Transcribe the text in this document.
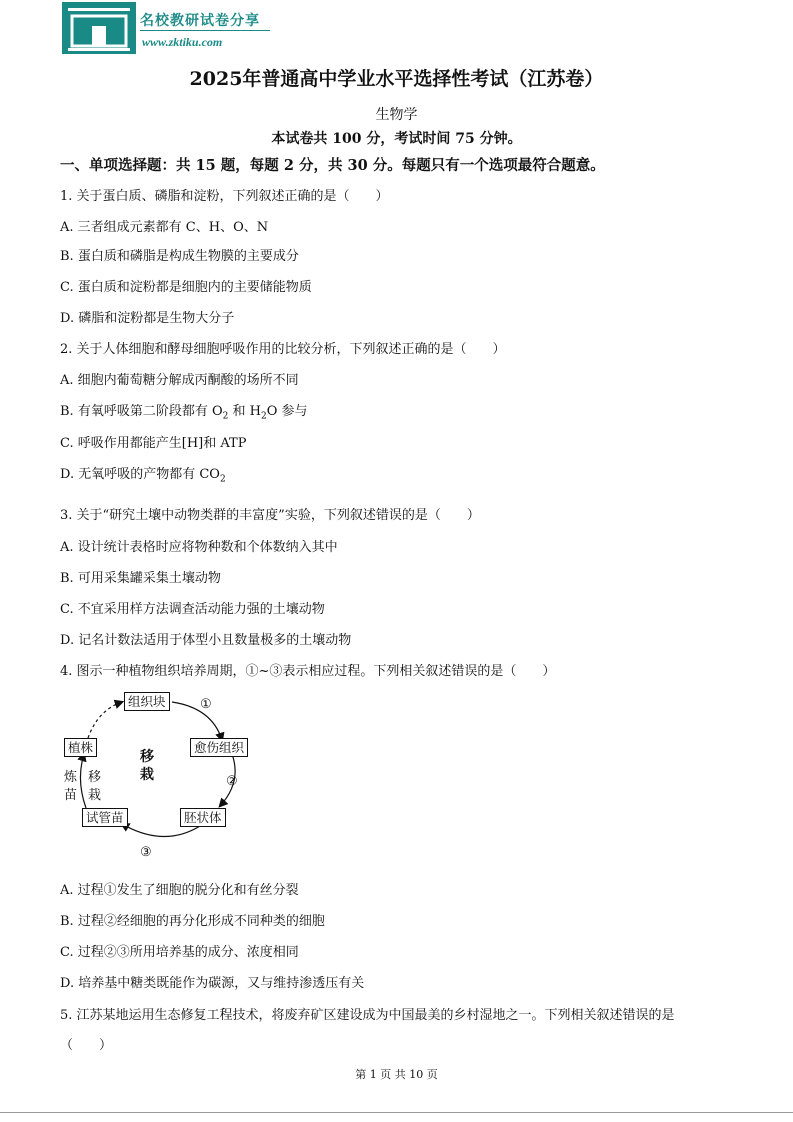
名校教研试卷分享
www.zktiku.com
2025年普通高中学业水平选择性考试（江苏卷）
生物学
本试卷共 100 分，考试时间 75 分钟。
一、单项选择题：共 15 题，每题 2 分，共 30 分。每题只有一个选项最符合题意。
1. 关于蛋白质、磷脂和淀粉，下列叙述正确的是（　　）
A. 三者组成元素都有 C、H、O、N
B. 蛋白质和磷脂是构成生物膜的主要成分
C. 蛋白质和淀粉都是细胞内的主要储能物质
D. 磷脂和淀粉都是生物大分子
2. 关于人体细胞和酵母细胞呼吸作用的比较分析，下列叙述正确的是（　　）
A. 细胞内葡萄糖分解成丙酮酸的场所不同
B. 有氧呼吸第二阶段都有 $O_2$ 和 $H_2O$ 参与
C. 呼吸作用都能产生[H]和 ATP
D. 无氧呼吸的产物都有 $CO_2$
3. 关于“研究土壤中动物类群的丰富度”实验，下列叙述错误的是（　　）
A. 设计统计表格时应将物种数和个体数纳入其中
B. 可用采集罐采集土壤动物
C. 不宜采用样方法调查活动能力强的土壤动物
D. 记名计数法适用于体型小且数量极多的土壤动物
4. 图示一种植物组织培养周期，①~③表示相应过程。下列相关叙述错误的是（　　）
组织块
愈伤组织
胚状体
试管苗
植株
①
②
③
移
栽
炼
苗
移
栽
A. 过程①发生了细胞的脱分化和有丝分裂
B. 过程②经细胞的再分化形成不同种类的细胞
C. 过程②③所用培养基的成分、浓度相同
D. 培养基中糖类既能作为碳源，又与维持渗透压有关
5. 江苏某地运用生态修复工程技术，将废弃矿区建设成为中国最美的乡村湿地之一。下列相关叙述错误的是
（　　）
第 1 页 共 10 页
